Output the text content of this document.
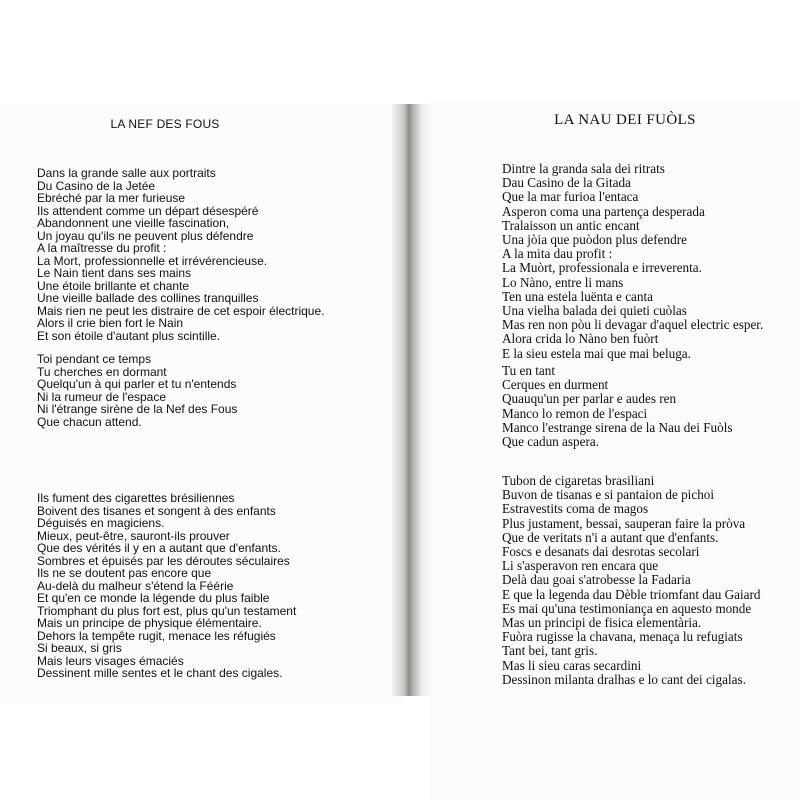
LA NEF DES FOUS	LA NAU DEI FUÒLS
Dans la grande salle aux portraits
Du Casino de la Jetée
Ebréché par la mer furieuse
Ils attendent comme un départ désespéré
Abandonnent une vieille fascination,
Un joyau qu'ils ne peuvent plus défendre
A la maîtresse du profit :
La Mort, professionnelle et irrévérencieuse.
Le Nain tient dans ses mains
Une étoile brillante et chante
Une vieille ballade des collines tranquilles
Mais rien ne peut les distraire de cet espoir électrique.
Alors il crie bien fort le Nain
Et son étoile d'autant plus scintille.
Toi pendant ce temps
Tu cherches en dormant
Quelqu'un à qui parler et tu n'entends
Ni la rumeur de l'espace
Ni l'étrange sirène de la Nef des Fous
Que chacun attend.
Ils fument des cigarettes brésiliennes
Boivent des tisanes et songent à des enfants
Déguisés en magiciens.
Mieux, peut-être, sauront-ils prouver
Que des vérités il y en a autant que d'enfants.
Sombres et épuisés par les déroutes séculaires
Ils ne se doutent pas encore que
Au-delà du malheur s'étend la Féérie
Et qu'en ce monde la légende du plus faible
Triomphant du plus fort est, plus qu'un testament
Mais un principe de physique élémentaire.
Dehors la tempête rugit, menace les réfugiés
Si beaux, si gris
Mais leurs visages émaciés
Dessinent mille sentes et le chant des cigales.
Dintre la granda sala dei ritrats
Dau Casino de la Gitada
Que la mar furioa l'entaca
Asperon coma una partença desperada
Tralaisson un antic encant
Una jòia que puòdon plus defendre
A la mita dau profit :
La Muòrt, professionala e irreverenta.
Lo Nàno, entre li mans
Ten una estela luënta e canta
Una vielha balada dei quieti cuòlas
Mas ren non pòu li devagar d'aquel electric esper.
Alora crida lo Nàno ben fuòrt
E la sieu estela mai que mai beluga.
Tu en tant
Cerques en durment
Quauqu'un per parlar e audes ren
Manco lo remon de l'espaci
Manco l'estrange sirena de la Nau dei Fuòls
Que cadun aspera.
Tubon de cigaretas brasiliani
Buvon de tisanas e si pantaion de pichoi
Estravestits coma de magos
Plus justament, bessai, sauperan faire la pròva
Que de veritats n'i a autant que d'enfants.
Foscs e desanats dai desrotas secolari
Li s'asperavon ren encara que
Delà dau goai s'atrobesse la Fadaria
E que la legenda dau Dèble triomfant dau Gaiard
Es mai qu'una testimoniança en aquesto monde
Mas un principi de fisica elementària.
Fuòra rugisse la chavana, menaça lu refugiats
Tant bei, tant gris.
Mas li sieu caras secardini
Dessinon milanta dralhas e lo cant dei cigalas.
